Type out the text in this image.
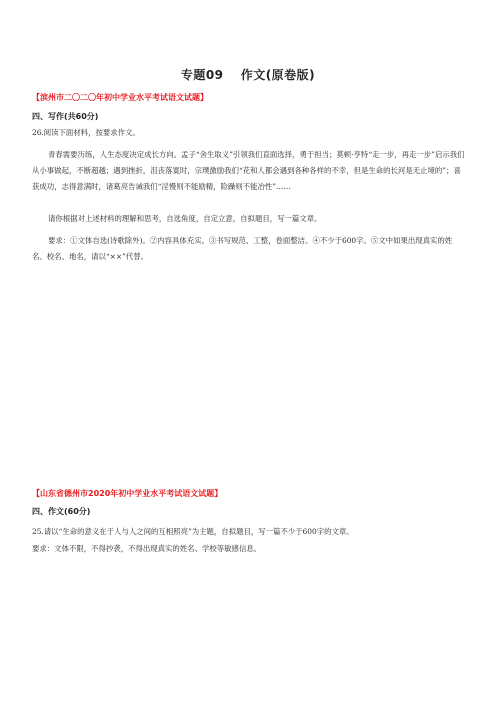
专题09　 作文(原卷版)
【滨州市二〇二〇年初中学业水平考试语文试题】
四、写作(共60分)
26.阅读下面材料，按要求作文。
青春需要历练，人生态度决定成长方向。孟子“舍生取义”引领我们直面选择，勇于担当；莫顿·亨特“走一步，再走一步”启示我们从小事做起，不断超越；遇到挫折，沮丧落寞时，宗璞激励我们“花和人都会遇到各种各样的不幸，但是生命的长河是无止境的”；喜获成功，志得意满时，诸葛亮告诫我们“淫慢则不能励精，险躁则不能冶性”……
请你根据对上述材料的理解和思考，自选角度，自定立意，自拟题目，写一篇文章。
要求：①文体自选(诗歌除外)。②内容具体充实。③书写规范、工整，卷面整洁。④不少于600字。⑤文中如果出现真实的姓名、校名、地名，请以“××”代替。
【山东省德州市2020年初中学业水平考试语文试题】
四、作文(60分)
25.请以“生命的意义在于人与人之间的互相照亮”为主题，自拟题目，写一篇不少于600字的文章。
要求：文体不限，不得抄袭，不得出现真实的姓名、学校等敏感信息。
